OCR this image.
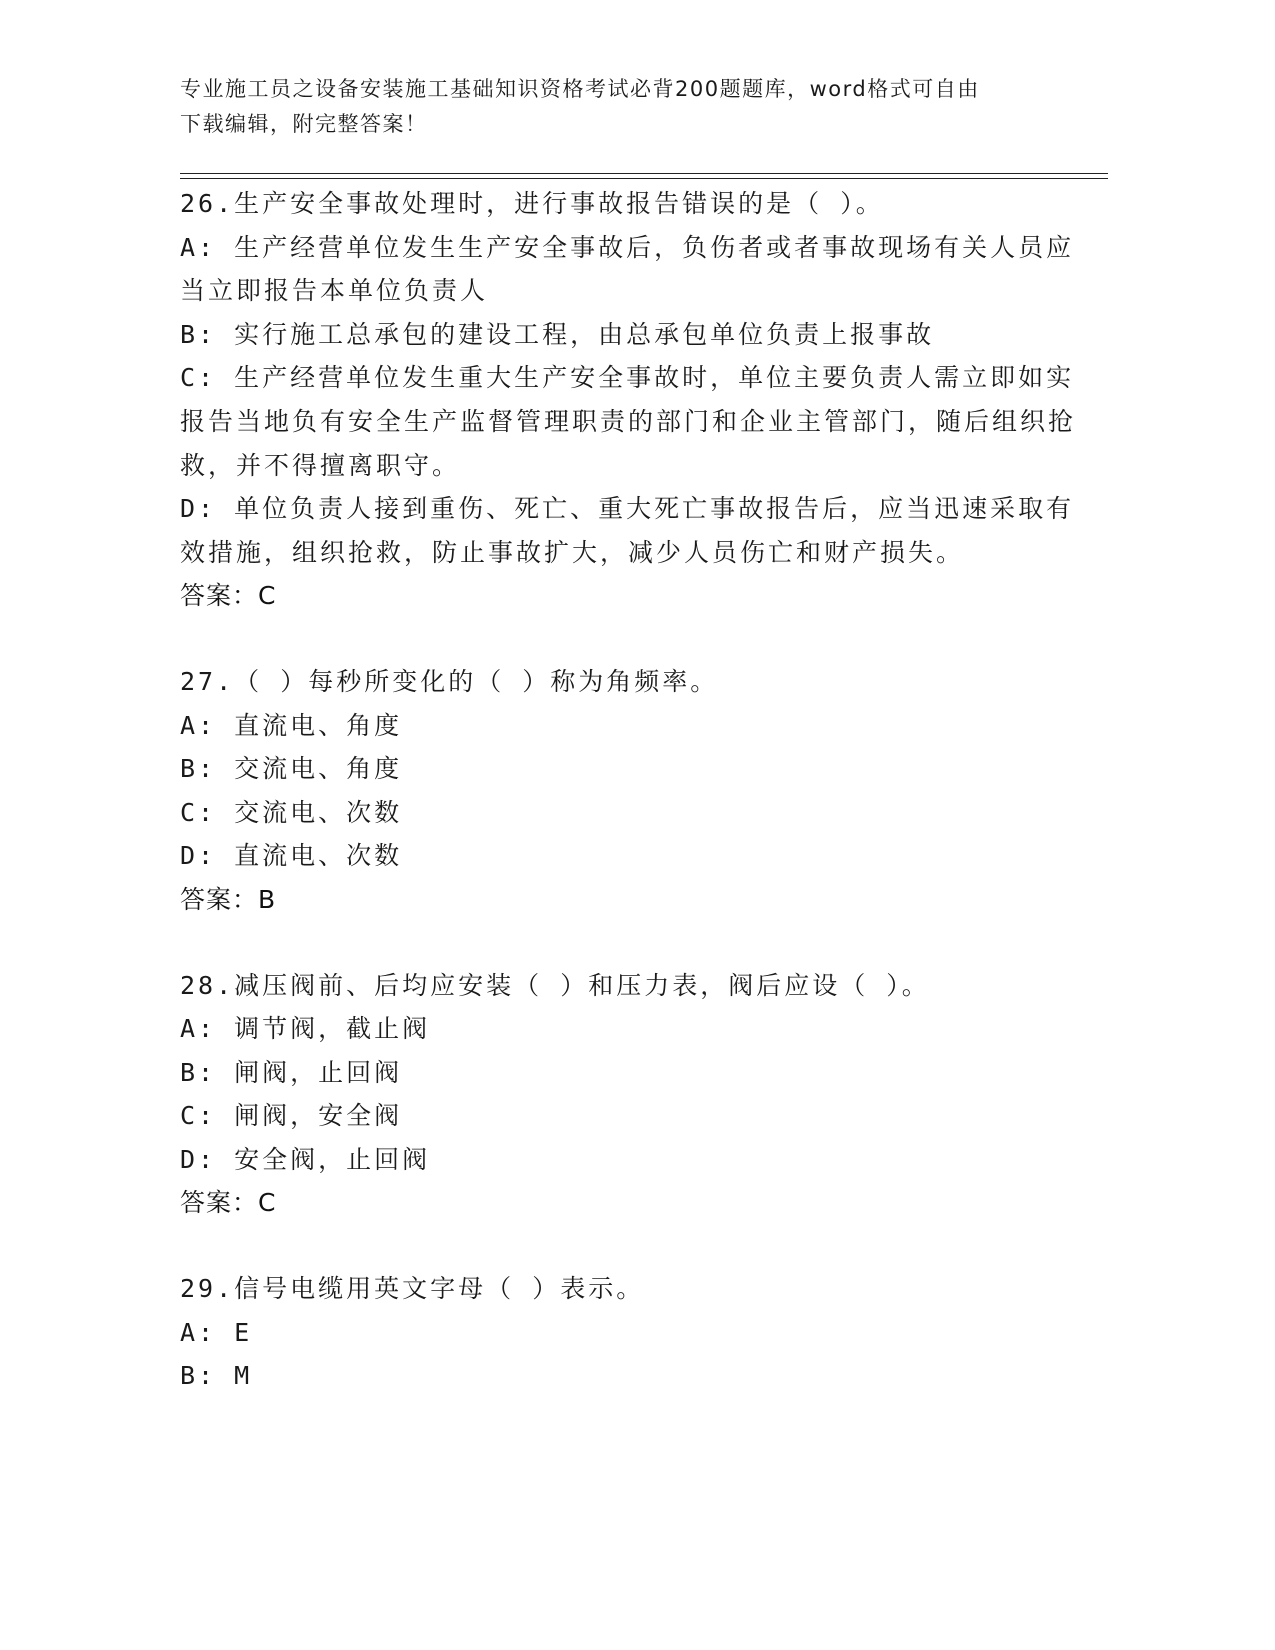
专业施工员之设备安装施工基础知识资格考试必背200题题库，word格式可自由
下载编辑，附完整答案！
26.生产安全事故处理时，进行事故报告错误的是（ ）。
A: 生产经营单位发生生产安全事故后，负伤者或者事故现场有关人员应当立即报告本单位负责人
B: 实行施工总承包的建设工程，由总承包单位负责上报事故
C: 生产经营单位发生重大生产安全事故时，单位主要负责人需立即如实报告当地负有安全生产监督管理职责的部门和企业主管部门，随后组织抢救，并不得擅离职守。
D: 单位负责人接到重伤、死亡、重大死亡事故报告后，应当迅速采取有效措施，组织抢救，防止事故扩大，减少人员伤亡和财产损失。
答案：C
27.（ ）每秒所变化的（ ）称为角频率。
A: 直流电、角度
B: 交流电、角度
C: 交流电、次数
D: 直流电、次数
答案：B
28.减压阀前、后均应安装（ ）和压力表，阀后应设（ ）。
A: 调节阀，截止阀
B: 闸阀，止回阀
C: 闸阀，安全阀
D: 安全阀，止回阀
答案：C
29.信号电缆用英文字母（ ）表示。
A: E
B: M
